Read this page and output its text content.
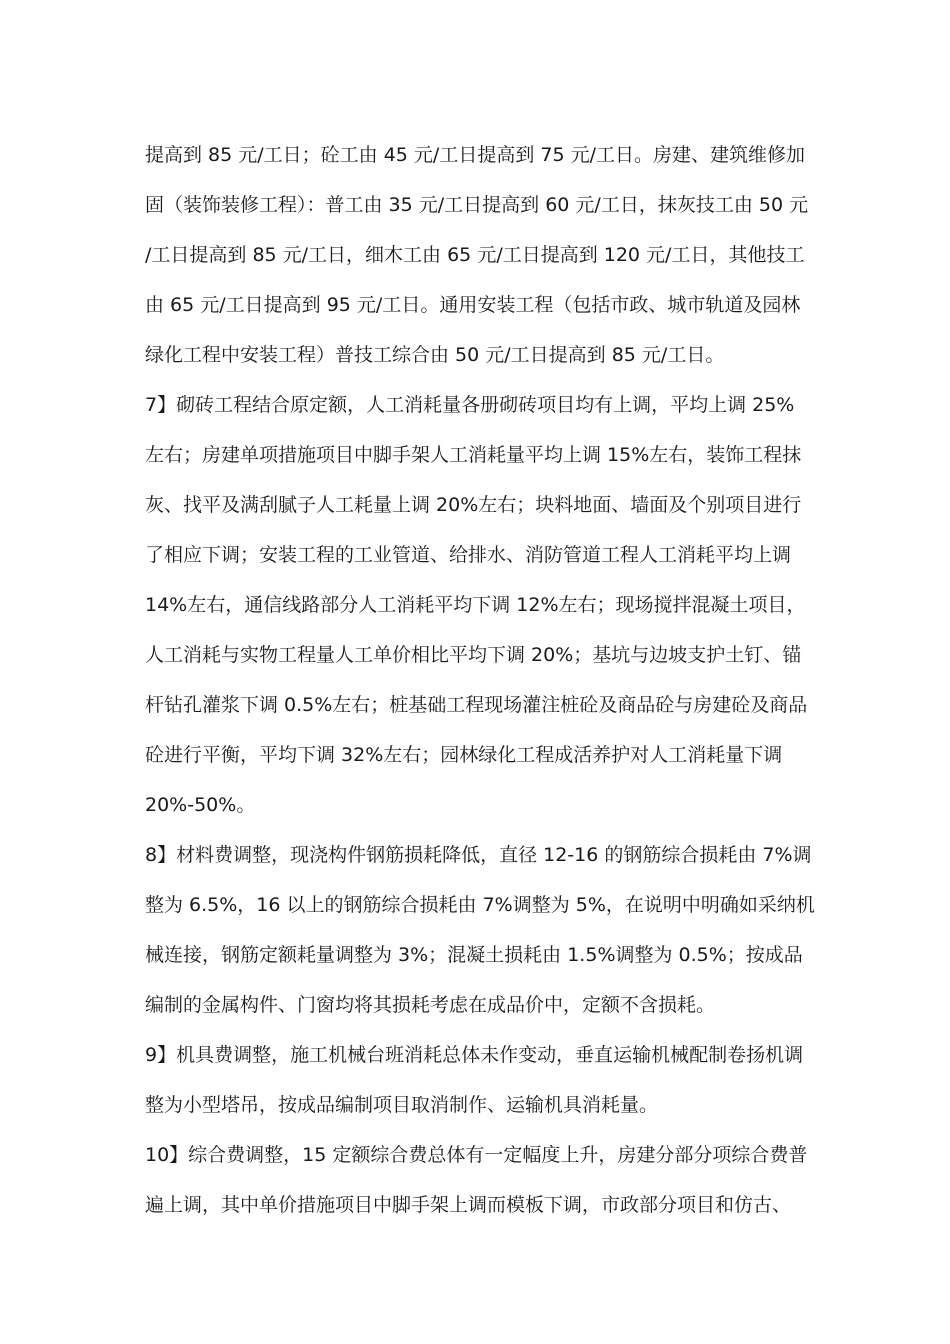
提高到 85 元/工日；砼工由 45 元/工日提高到 75 元/工日。房建、建筑维修加
固（装饰装修工程）：普工由 35 元/工日提高到 60 元/工日，抹灰技工由 50 元
/工日提高到 85 元/工日，细木工由 65 元/工日提高到 120 元/工日，其他技工
由 65 元/工日提高到 95 元/工日。通用安装工程（包括市政、城市轨道及园林
绿化工程中安装工程）普技工综合由 50 元/工日提高到 85 元/工日。
7】砌砖工程结合原定额，人工消耗量各册砌砖项目均有上调，平均上调 25%
左右；房建单项措施项目中脚手架人工消耗量平均上调 15%左右，装饰工程抹
灰、找平及满刮腻子人工耗量上调 20%左右；块料地面、墙面及个别项目进行
了相应下调；安装工程的工业管道、给排水、消防管道工程人工消耗平均上调
14%左右，通信线路部分人工消耗平均下调 12%左右；现场搅拌混凝土项目，
人工消耗与实物工程量人工单价相比平均下调 20%；基坑与边坡支护土钉、锚
杆钻孔灌浆下调 0.5%左右；桩基础工程现场灌注桩砼及商品砼与房建砼及商品
砼进行平衡，平均下调 32%左右；园林绿化工程成活养护对人工消耗量下调
20%-50%。
8】材料费调整，现浇构件钢筋损耗降低，直径 12-16 的钢筋综合损耗由 7%调
整为 6.5%，16 以上的钢筋综合损耗由 7%调整为 5%，在说明中明确如采纳机
械连接，钢筋定额耗量调整为 3%；混凝土损耗由 1.5%调整为 0.5%；按成品
编制的金属构件、门窗均将其损耗考虑在成品价中，定额不含损耗。
9】机具费调整，施工机械台班消耗总体未作变动，垂直运输机械配制卷扬机调
整为小型塔吊，按成品编制项目取消制作、运输机具消耗量。
10】综合费调整，15 定额综合费总体有一定幅度上升，房建分部分项综合费普
遍上调，其中单价措施项目中脚手架上调而模板下调，市政部分项目和仿古、
